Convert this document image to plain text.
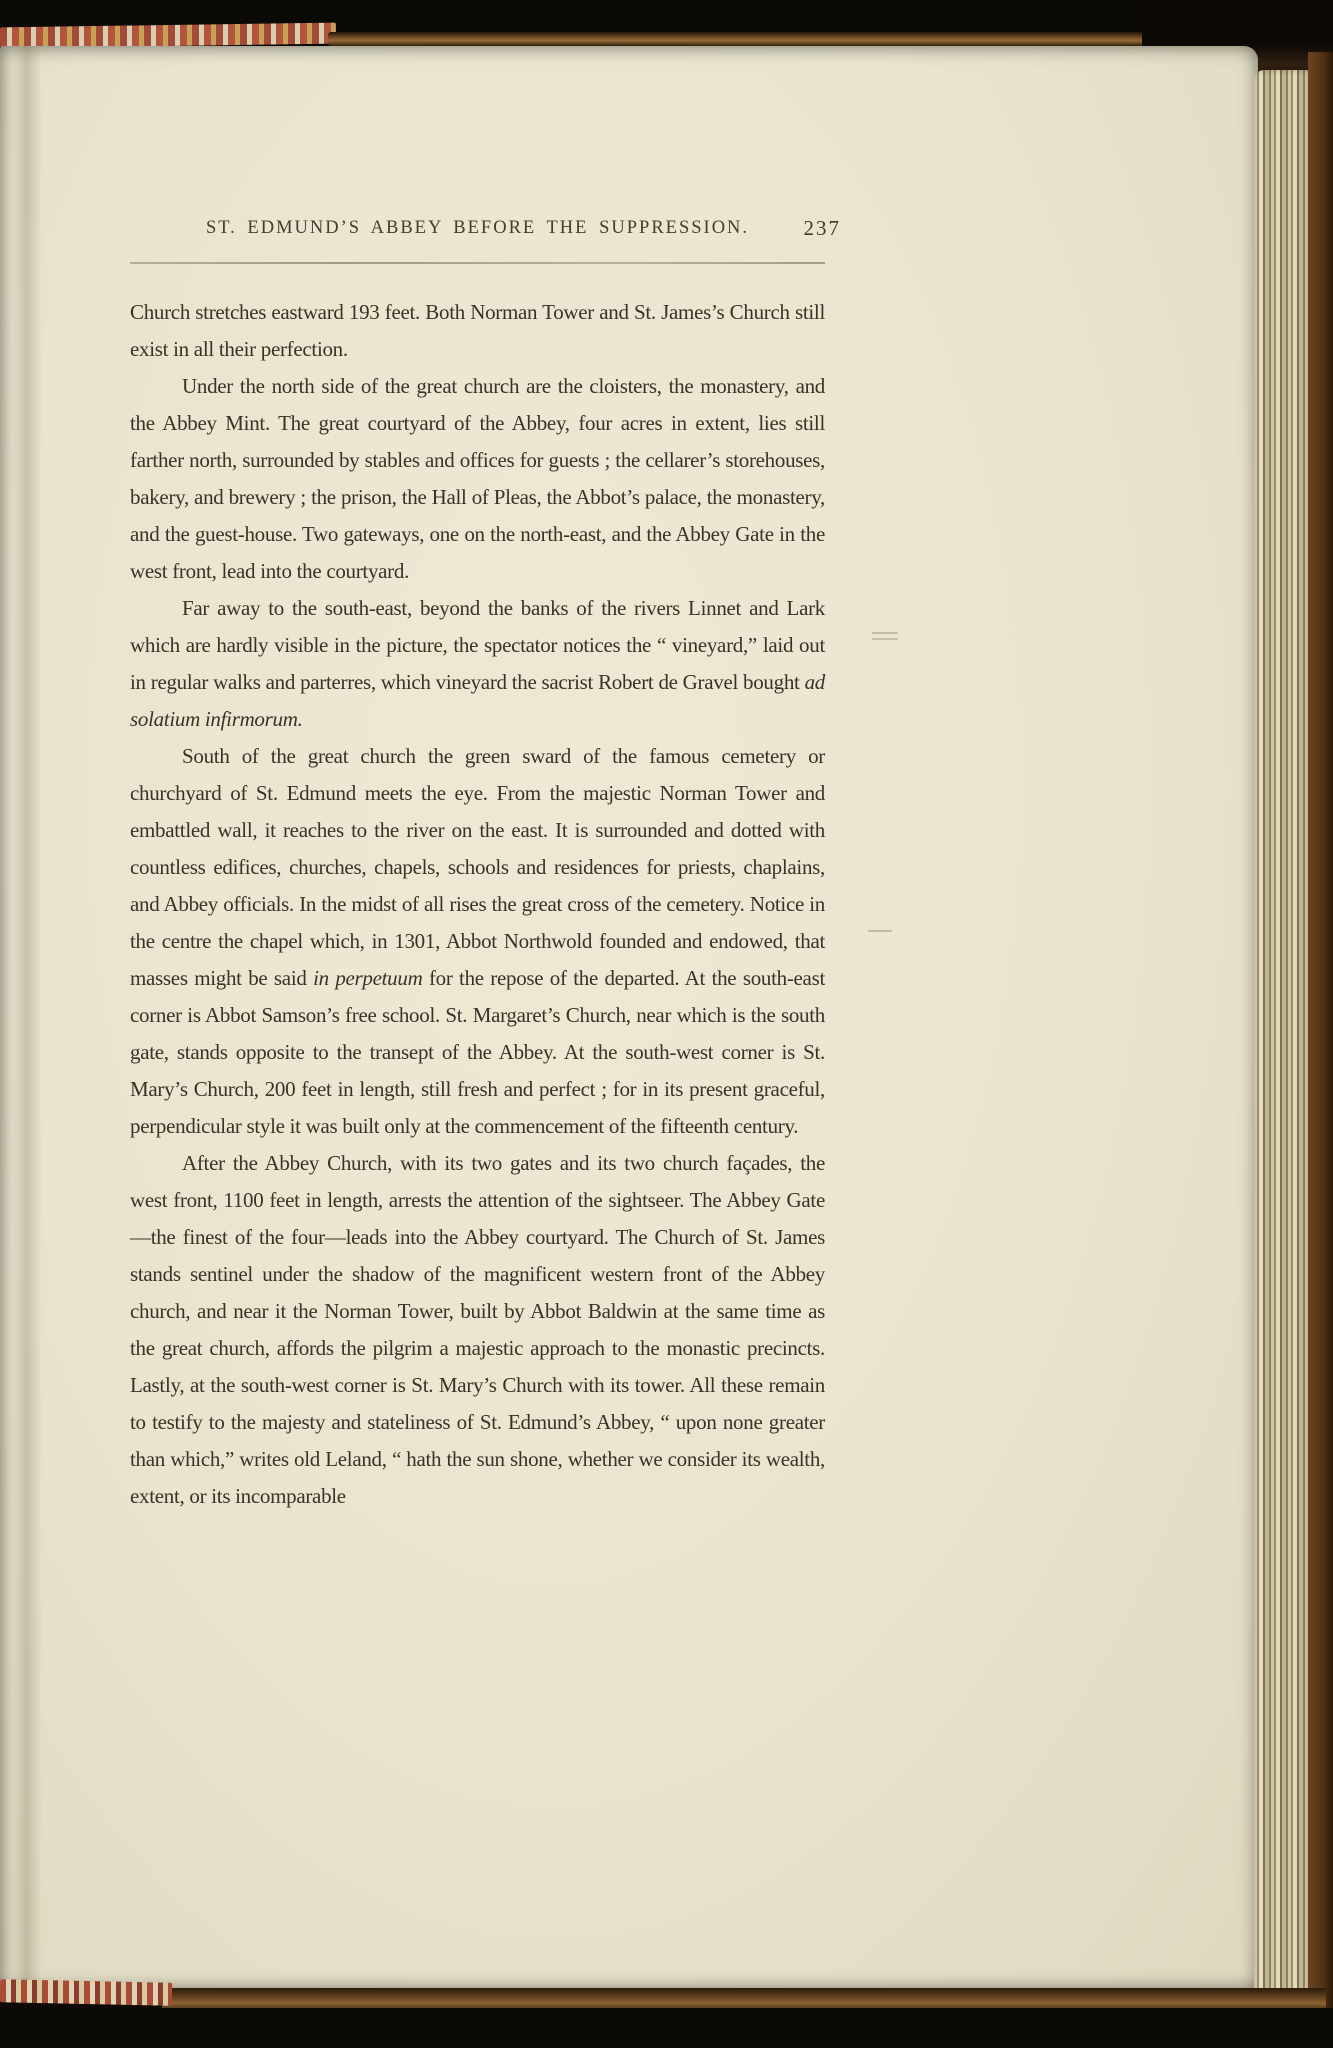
ST. EDMUND’S ABBEY BEFORE THE SUPPRESSION.	237
Church stretches eastward 193 feet. Both Norman Tower and St. James’s Church still exist in all their perfection.
Under the north side of the great church are the cloisters, the monastery, and the Abbey Mint. The great courtyard of the Abbey, four acres in extent, lies still farther north, surrounded by stables and offices for guests ; the cellarer’s storehouses, bakery, and brewery ; the prison, the Hall of Pleas, the Abbot’s palace, the monastery, and the guest-house. Two gateways, one on the north-east, and the Abbey Gate in the west front, lead into the courtyard.
Far away to the south-east, beyond the banks of the rivers Linnet and Lark which are hardly visible in the picture, the spectator notices the “ vineyard,” laid out in regular walks and parterres, which vineyard the sacrist Robert de Gravel bought ad solatium infirmorum.
South of the great church the green sward of the famous cemetery or churchyard of St. Edmund meets the eye. From the majestic Norman Tower and embattled wall, it reaches to the river on the east. It is surrounded and dotted with countless edifices, churches, chapels, schools and residences for priests, chaplains, and Abbey officials. In the midst of all rises the great cross of the cemetery. Notice in the centre the chapel which, in 1301, Abbot Northwold founded and endowed, that masses might be said in perpetuum for the repose of the departed. At the south-east corner is Abbot Samson’s free school. St. Margaret’s Church, near which is the south gate, stands opposite to the transept of the Abbey. At the south-west corner is St. Mary’s Church, 200 feet in length, still fresh and perfect ; for in its present graceful, perpendicular style it was built only at the commencement of the fifteenth century.
After the Abbey Church, with its two gates and its two church façades, the west front, 1100 feet in length, arrests the attention of the sightseer. The Abbey Gate—the finest of the four—leads into the Abbey courtyard. The Church of St. James stands sentinel under the shadow of the magnificent western front of the Abbey church, and near it the Norman Tower, built by Abbot Baldwin at the same time as the great church, affords the pilgrim a majestic approach to the monastic precincts. Lastly, at the south-west corner is St. Mary’s Church with its tower. All these remain to testify to the majesty and stateliness of St. Edmund’s Abbey, “ upon none greater than which,” writes old Leland, “ hath the sun shone, whether we consider its wealth, extent, or its incomparable
